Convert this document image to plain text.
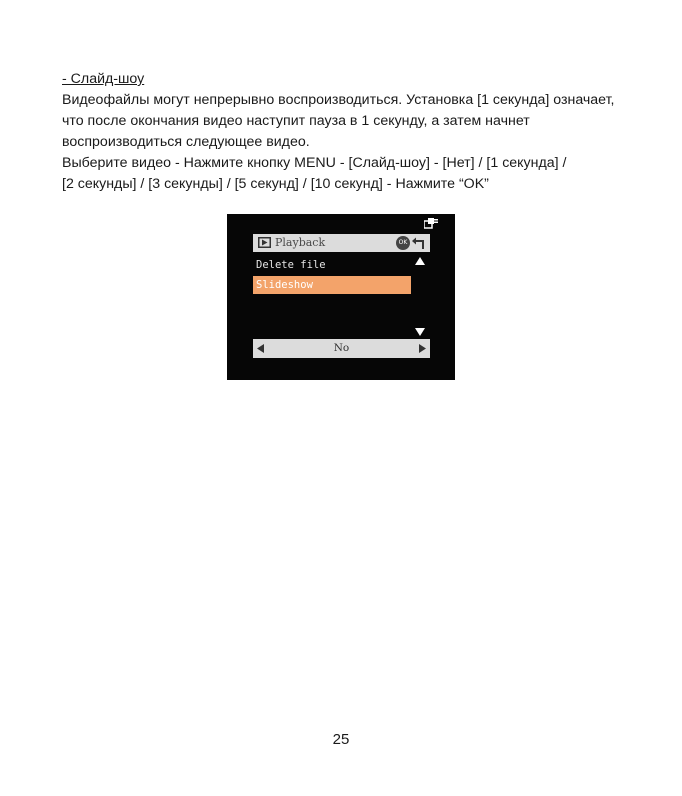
- Слайд-шоу

Видеофайлы могут непрерывно воспроизводиться. Установка [1 секунда] означает,

что после окончания видео наступит пауза в 1 секунду, а затем начнет

воспроизводиться следующее видео.

Выберите видео - Нажмите кнопку MENU - [Слайд-шоу] - [Нет] / [1 секунда] /

[2 секунды] / [3 секунды] / [5 секунд] / [10 секунд] - Нажмите “OK”

Playback	OK
Delete file
Slideshow
No
25
